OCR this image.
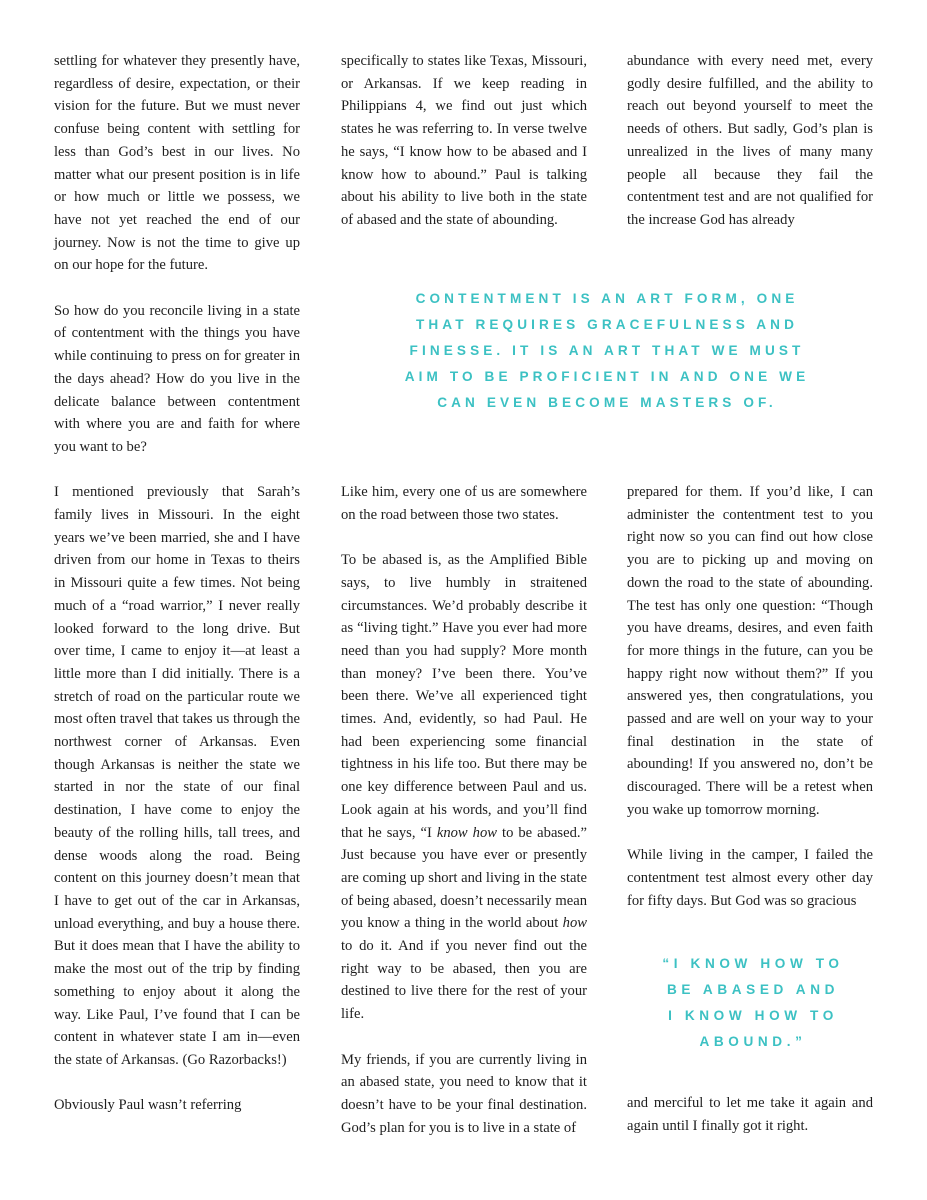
settling for whatever they presently have, regardless of desire, expectation, or their vision for the future. But we must never confuse being content with settling for less than God’s best in our lives. No matter what our present position is in life or how much or little we possess, we have not yet reached the end of our journey. Now is not the time to give up on our hope for the future.

So how do you reconcile living in a state of contentment with the things you have while continuing to press on for greater in the days ahead? How do you live in the delicate balance between contentment with where you are and faith for where you want to be?

I mentioned previously that Sarah’s family lives in Missouri. In the eight years we’ve been married, she and I have driven from our home in Texas to theirs in Missouri quite a few times. Not being much of a “road warrior,” I never really looked forward to the long drive. But over time, I came to enjoy it—at least a little more than I did initially. There is a stretch of road on the particular route we most often travel that takes us through the northwest corner of Arkansas. Even though Arkansas is neither the state we started in nor the state of our final destination, I have come to enjoy the beauty of the rolling hills, tall trees, and dense woods along the road. Being content on this journey doesn’t mean that I have to get out of the car in Arkansas, unload everything, and buy a house there. But it does mean that I have the ability to make the most out of the trip by finding something to enjoy about it along the way. Like Paul, I’ve found that I can be content in whatever state I am in—even the state of Arkansas. (Go Razorbacks!)

Obviously Paul wasn’t referring

specifically to states like Texas, Missouri, or Arkansas. If we keep reading in Philippians 4, we find out just which states he was referring to. In verse twelve he says, “I know how to be abased and I know how to abound.” Paul is talking about his ability to live both in the state of abased and the state of abounding.

abundance with every need met, every godly desire fulfilled, and the ability to reach out beyond yourself to meet the needs of others. But sadly, God’s plan is unrealized in the lives of many many people all because they fail the contentment test and are not qualified for the increase God has already

CONTENTMENT IS AN ART FORM, ONE
THAT REQUIRES GRACEFULNESS AND
FINESSE. IT IS AN ART THAT WE MUST
AIM TO BE PROFICIENT IN AND ONE WE
CAN EVEN BECOME MASTERS OF.

Like him, every one of us are somewhere on the road between those two states.

To be abased is, as the Amplified Bible says, to live humbly in straitened circumstances. We’d probably describe it as “living tight.” Have you ever had more need than you had supply? More month than money? I’ve been there. You’ve been there. We’ve all experienced tight times. And, evidently, so had Paul. He had been experiencing some financial tightness in his life too. But there may be one key difference between Paul and us. Look again at his words, and you’ll find that he says, “I know how to be abased.” Just because you have ever or presently are coming up short and living in the state of being abased, doesn’t necessarily mean you know a thing in the world about how to do it. And if you never find out the right way to be abased, then you are destined to live there for the rest of your life.

My friends, if you are currently living in an abased state, you need to know that it doesn’t have to be your final destination. God’s plan for you is to live in a state of

prepared for them. If you’d like, I can administer the contentment test to you right now so you can find out how close you are to picking up and moving on down the road to the state of abounding. The test has only one question: “Though you have dreams, desires, and even faith for more things in the future, can you be happy right now without them?” If you answered yes, then congratulations, you passed and are well on your way to your final destination in the state of abounding! If you answered no, don’t be discouraged. There will be a retest when you wake up tomorrow morning.

While living in the camper, I failed the contentment test almost every other day for fifty days. But God was so gracious

“I KNOW HOW TO
BE ABASED AND
I KNOW HOW TO
ABOUND.”

and merciful to let me take it again and again until I finally got it right.
